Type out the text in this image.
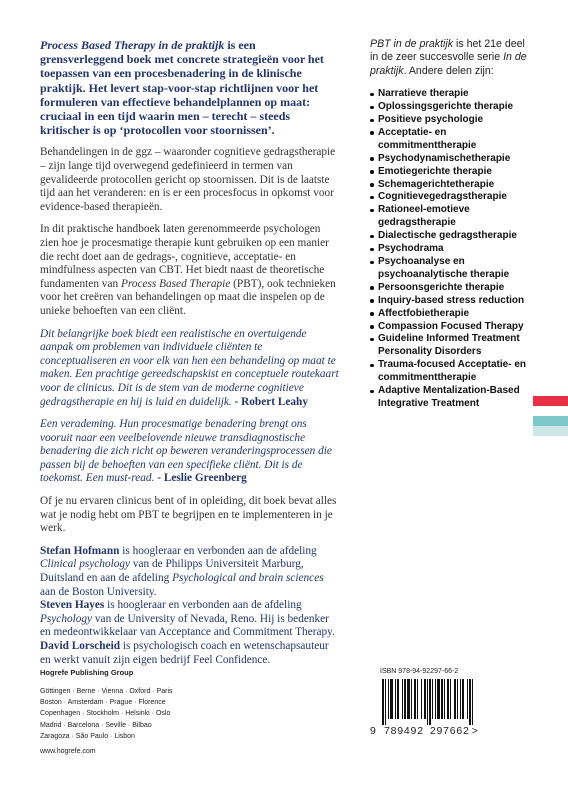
Process Based Therapy in de praktijk is een grensverleggend boek met concrete strategieën voor het toepassen van een procesbenadering in de klinische praktijk. Het levert stap-voor-stap richtlijnen voor het formuleren van effectieve behandelplannen op maat: cruciaal in een tijd waarin men – terecht – steeds kritischer is op ‘protocollen voor stoornissen’.

Behandelingen in de ggz – waaronder cognitieve gedragstherapie – zijn lange tijd overwegend gedefinieerd in termen van gevalideerde protocollen gericht op stoornissen. Dit is de laatste tijd aan het veranderen: en is er een procesfocus in opkomst voor evidence-based therapieën.

In dit praktische handboek laten gerenommeerde psychologen zien hoe je procesmatige therapie kunt gebruiken op een manier die recht doet aan de gedrags-, cognitieve, acceptatie- en mindfulness aspecten van CBT. Het biedt naast de theoretische fundamenten van Process Based Therapie (PBT), ook technieken voor het creëren van behandelingen op maat die inspelen op de unieke behoeften van een cliënt.

Dit belangrijke boek biedt een realistische en overtuigende aanpak om problemen van individuele cliënten te conceptualiseren en voor elk van hen een behandeling op maat te maken. Een prachtige gereedschapskist en conceptuele routekaart voor de clinicus. Dit is de stem van de moderne cognitieve gedragstherapie en hij is luid en duidelijk. - Robert Leahy

Een verademing. Hun procesmatige benadering brengt ons vooruit naar een veelbelovende nieuwe transdiagnostische benadering die zich richt op beweren veranderingsprocessen die passen bij de behoeften van een specifieke cliënt. Dit is de toekomst. Een must-read. - Leslie Greenberg

Of je nu ervaren clinicus bent of in opleiding, dit boek bevat alles wat je nodig hebt om PBT te begrijpen en te implementeren in je werk.

Stefan Hofmann is hoogleraar en verbonden aan de afdeling Clinical psychology van de Philipps Universiteit Marburg, Duitsland en aan de afdeling Psychological and brain sciences aan de Boston University.

Steven Hayes is hoogleraar en verbonden aan de afdeling Psychology van de University of Nevada, Reno. Hij is bedenker en medeontwikkelaar van Acceptance and Commitment Therapy.

David Lorscheid is psychologisch coach en wetenschapsauteur en werkt vanuit zijn eigen bedrijf Feel Confidence.

PBT in de praktijk is het 21e deel in de zeer succesvolle serie In de praktijk. Andere delen zijn:

Narratieve therapie
Oplossingsgerichte therapie
Positieve psychologie
Acceptatie- en commitmenttherapie
Psychodynamischetherapie
Emotiegerichte therapie
Schemagerichtetherapie
Cognitievegedragstherapie
Rationeel-emotieve gedragstherapie
Dialectische gedragstherapie
Psychodrama
Psychoanalyse en psychoanalytische therapie
Persoonsgerichte therapie
Inquiry-based stress reduction
Affectfobietherapie
Compassion Focused Therapy
Guideline Informed Treatment Personality Disorders
Trauma-focused Acceptatie- en commitmenttherapie
Adaptive Mentalization-Based Integrative Treatment
Hogrefe Publishing Group
Göttingen · Berne · Vienna · Oxford · Paris
Boston · Amsterdam · Prague · Florence
Copenhagen · Stockholm · Helsinki · Oslo
Madrid · Barcelona · Seville · Bilbao
Zaragoza · São Paulo · Lisbon
www.hogrefe.com
ISBN 978-94-92297-66-2
9 789492 297662 >
